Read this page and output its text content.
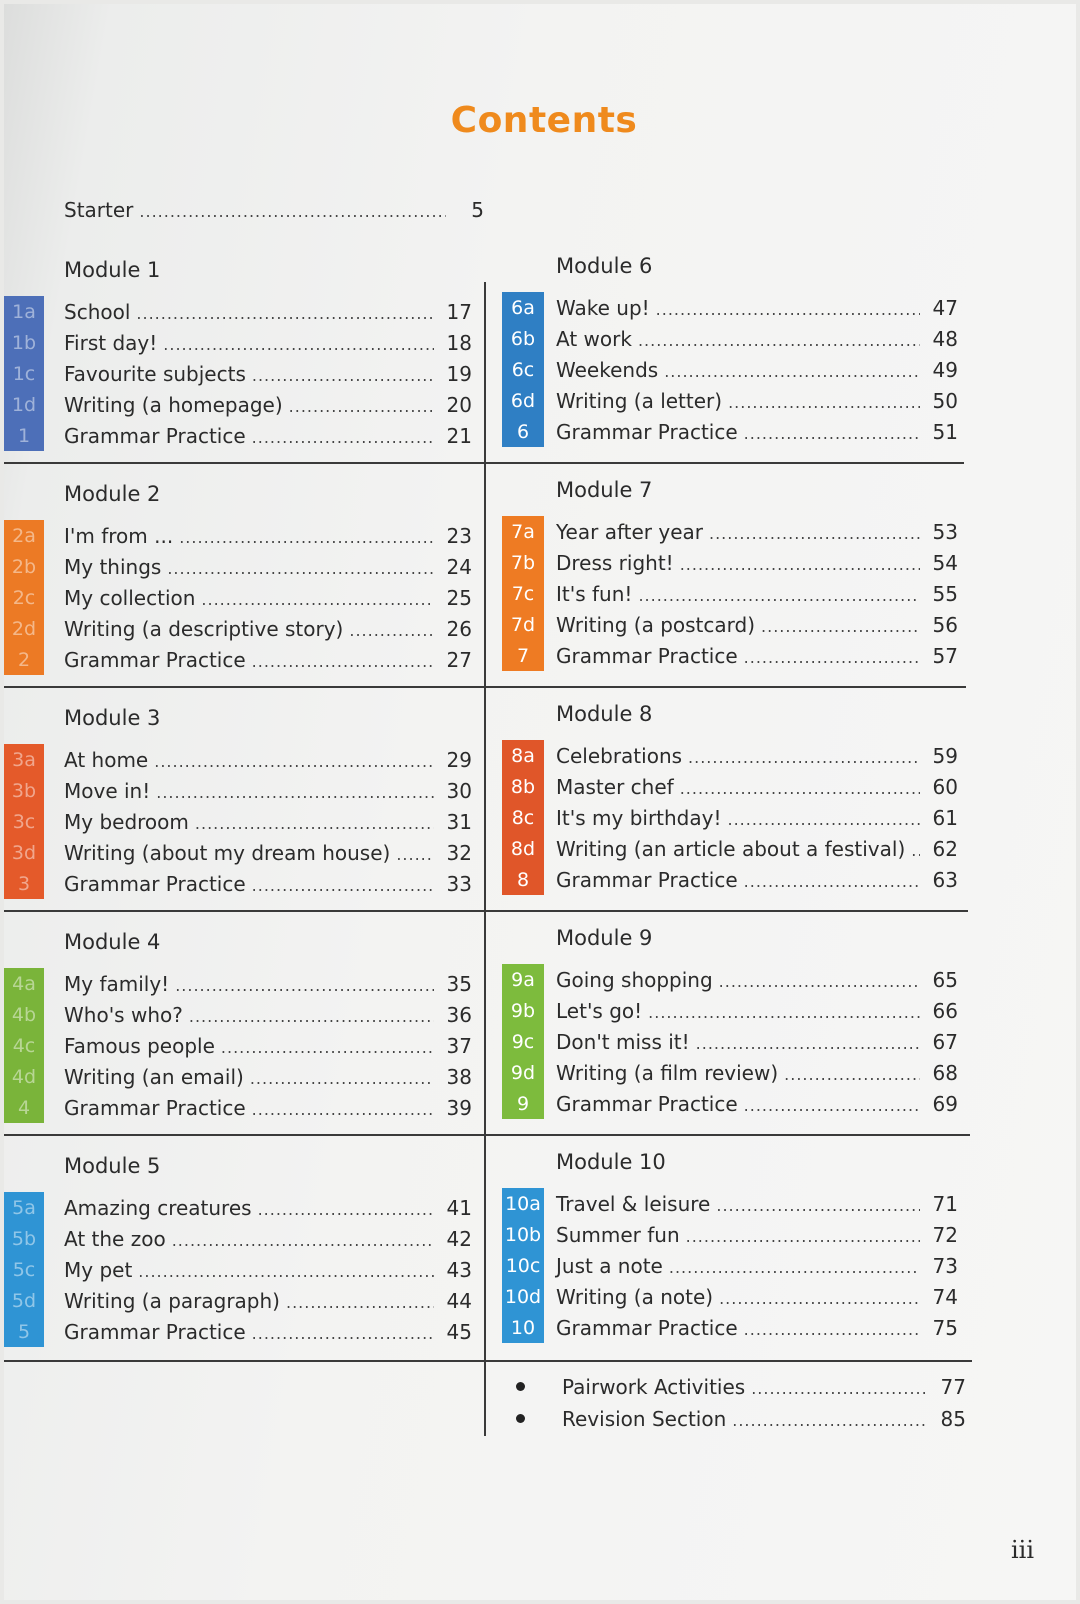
Contents
Starter .....	5
Module 1
1a	School .....	17
1b	First day! .....	18
1c	Favourite subjects .....	19
1d	Writing (a homepage) .....	20
1	Grammar Practice .....	21
Module 2
2a	I'm from ... .....	23
2b	My things .....	24
2c	My collection .....	25
2d	Writing (a descriptive story) .....	26
2	Grammar Practice .....	27
Module 3
3a	At home .....	29
3b	Move in! .....	30
3c	My bedroom .....	31
3d	Writing (about my dream house) .....	32
3	Grammar Practice .....	33
Module 4
4a	My family! .....	35
4b	Who's who? .....	36
4c	Famous people .....	37
4d	Writing (an email) .....	38
4	Grammar Practice .....	39
Module 5
5a	Amazing creatures .....	41
5b	At the zoo .....	42
5c	My pet .....	43
5d	Writing (a paragraph) .....	44
5	Grammar Practice .....	45
Module 6
6a	Wake up! .....	47
6b	At work .....	48
6c	Weekends .....	49
6d	Writing (a letter) .....	50
6	Grammar Practice .....	51
Module 7
7a	Year after year .....	53
7b	Dress right! .....	54
7c	It's fun! .....	55
7d	Writing (a postcard) .....	56
7	Grammar Practice .....	57
Module 8
8a	Celebrations .....	59
8b	Master chef .....	60
8c	It's my birthday! .....	61
8d	Writing (an article about a festival) .....	62
8	Grammar Practice .....	63
Module 9
9a	Going shopping .....	65
9b	Let's go! .....	66
9c	Don't miss it! .....	67
9d	Writing (a film review) .....	68
9	Grammar Practice .....	69
Module 10
10a Travel & leisure .....	71
10b Summer fun .....	72
10c Just a note .....	73
10d Writing (a note) .....	74
10	Grammar Practice .....	75
Pairwork Activities .....	77
Revision Section .....	85
iii
